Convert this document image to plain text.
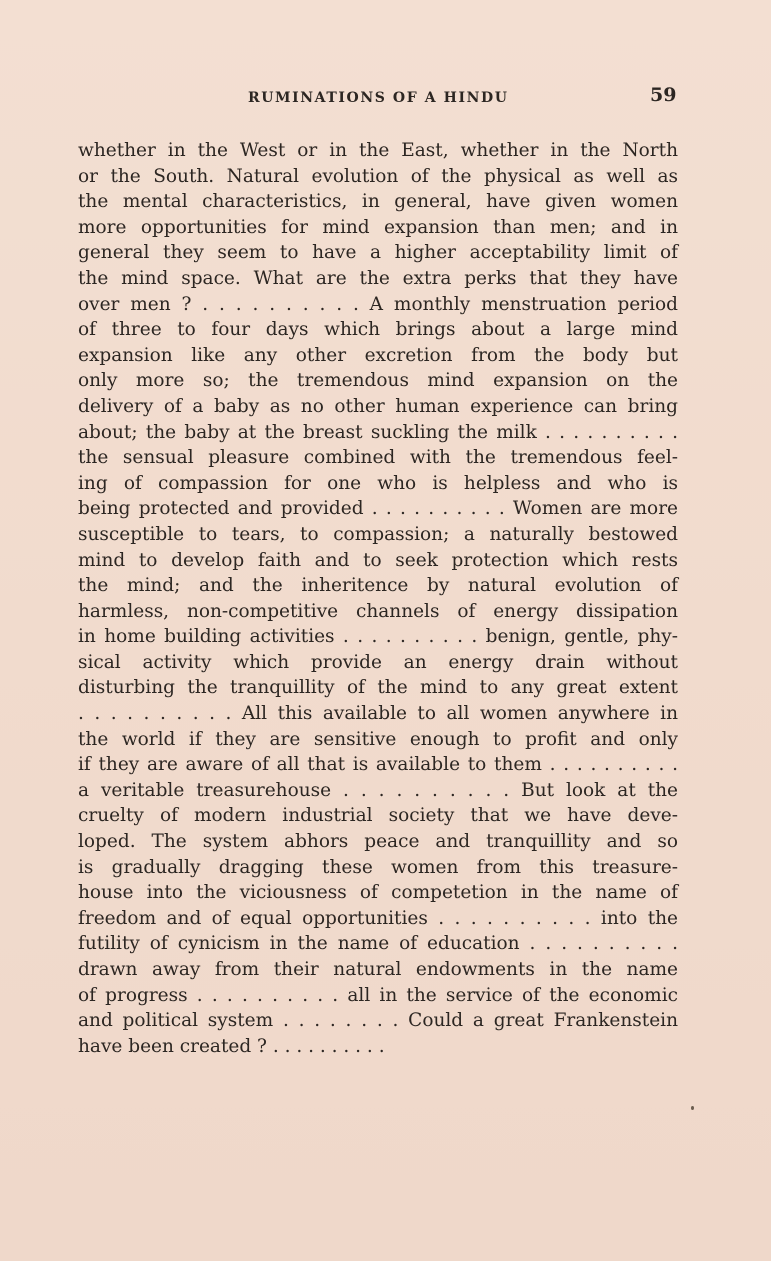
RUMINATIONS OF A HINDU	59
whether in the West or in the East, whether in the North
or the South. Natural evolution of the physical as well as
the mental characteristics, in general, have given women
more opportunities for mind expansion than men; and in
general they seem to have a higher acceptability limit of
the mind space. What are the extra perks that they have
over men ? . . . . . . . . . . A monthly menstruation period
of three to four days which brings about a large mind
expansion like any other excretion from the body but
only more so; the tremendous mind expansion on the
delivery of a baby as no other human experience can bring
about; the baby at the breast suckling the milk . . . . . . . . . .
the sensual pleasure combined with the tremendous feel-
ing of compassion for one who is helpless and who is
being protected and provided . . . . . . . . . . Women are more
susceptible to tears, to compassion; a naturally bestowed
mind to develop faith and to seek protection which rests
the mind; and the inheritence by natural evolution of
harmless, non-competitive channels of energy dissipation
in home building activities . . . . . . . . . . benign, gentle, phy-
sical activity which provide an energy drain without
disturbing the tranquillity of the mind to any great extent
. . . . . . . . . . All this available to all women anywhere in
the world if they are sensitive enough to profit and only
if they are aware of all that is available to them . . . . . . . . . .
a veritable treasurehouse . . . . . . . . . . But look at the
cruelty of modern industrial society that we have deve-
loped. The system abhors peace and tranquillity and so
is gradually dragging these women from this treasure-
house into the viciousness of competetion in the name of
freedom and of equal opportunities . . . . . . . . . . into the
futility of cynicism in the name of education . . . . . . . . . .
drawn away from their natural endowments in the name
of progress . . . . . . . . . . all in the service of the economic
and political system . . . . . . . . Could a great Frankenstein
have been created ? . . . . . . . . . .
